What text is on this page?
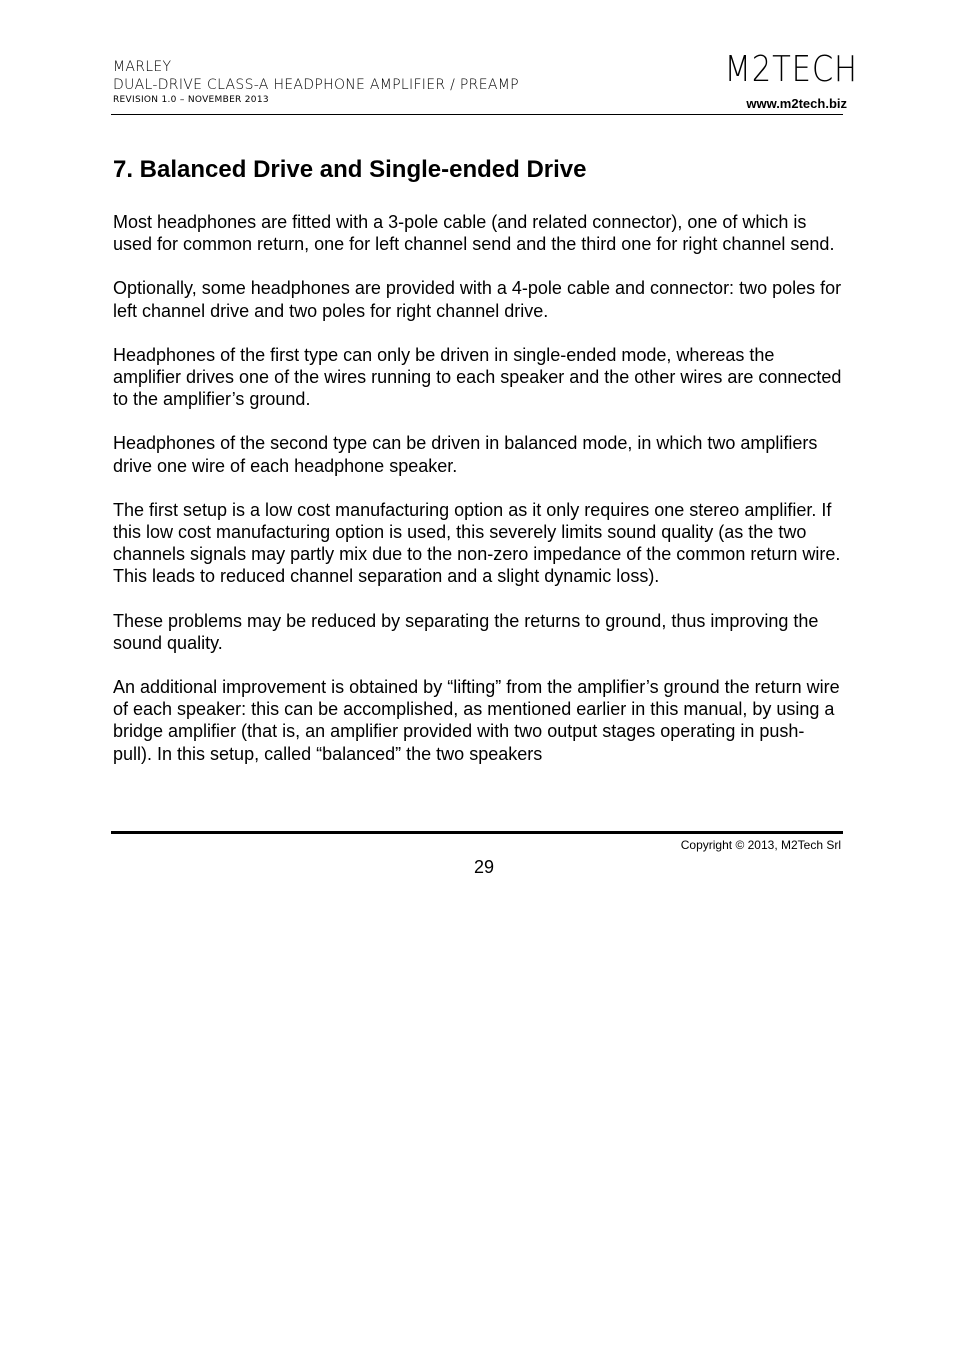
MARLEY
DUAL-DRIVE CLASS-A HEADPHONE AMPLIFIER / PREAMP
REVISION 1.0 – NOVEMBER 2013
M2TECH
www.m2tech.biz
7. Balanced Drive and Single-ended Drive

Most headphones are fitted with a 3-pole cable (and related connector), one of which is used for common return, one for left channel send and the third one for right channel send.

Optionally, some headphones are provided with a 4-pole cable and connector: two poles for left channel drive and two poles for right channel drive.

Headphones of the first type can only be driven in single-ended mode, whereas the amplifier drives one of the wires running to each speaker and the other wires are connected to the amplifier’s ground.

Headphones of the second type can be driven in balanced mode, in which two amplifiers drive one wire of each headphone speaker.

The first setup is a low cost manufacturing option as it only requires one stereo amplifier. If this low cost manufacturing option is used, this severely limits sound quality (as the two channels signals may partly mix due to the non-zero impedance of the common return wire. This leads to reduced channel separation and a slight dynamic loss).

These problems may be reduced by separating the returns to ground, thus improving the sound quality.

An additional improvement is obtained by “lifting” from the amplifier’s ground the return wire of each speaker: this can be accomplished, as mentioned earlier in this manual, by using a bridge amplifier (that is, an amplifier provided with two output stages operating in push-pull). In this setup, called “balanced” the two speakers

Copyright © 2013, M2Tech Srl
29
